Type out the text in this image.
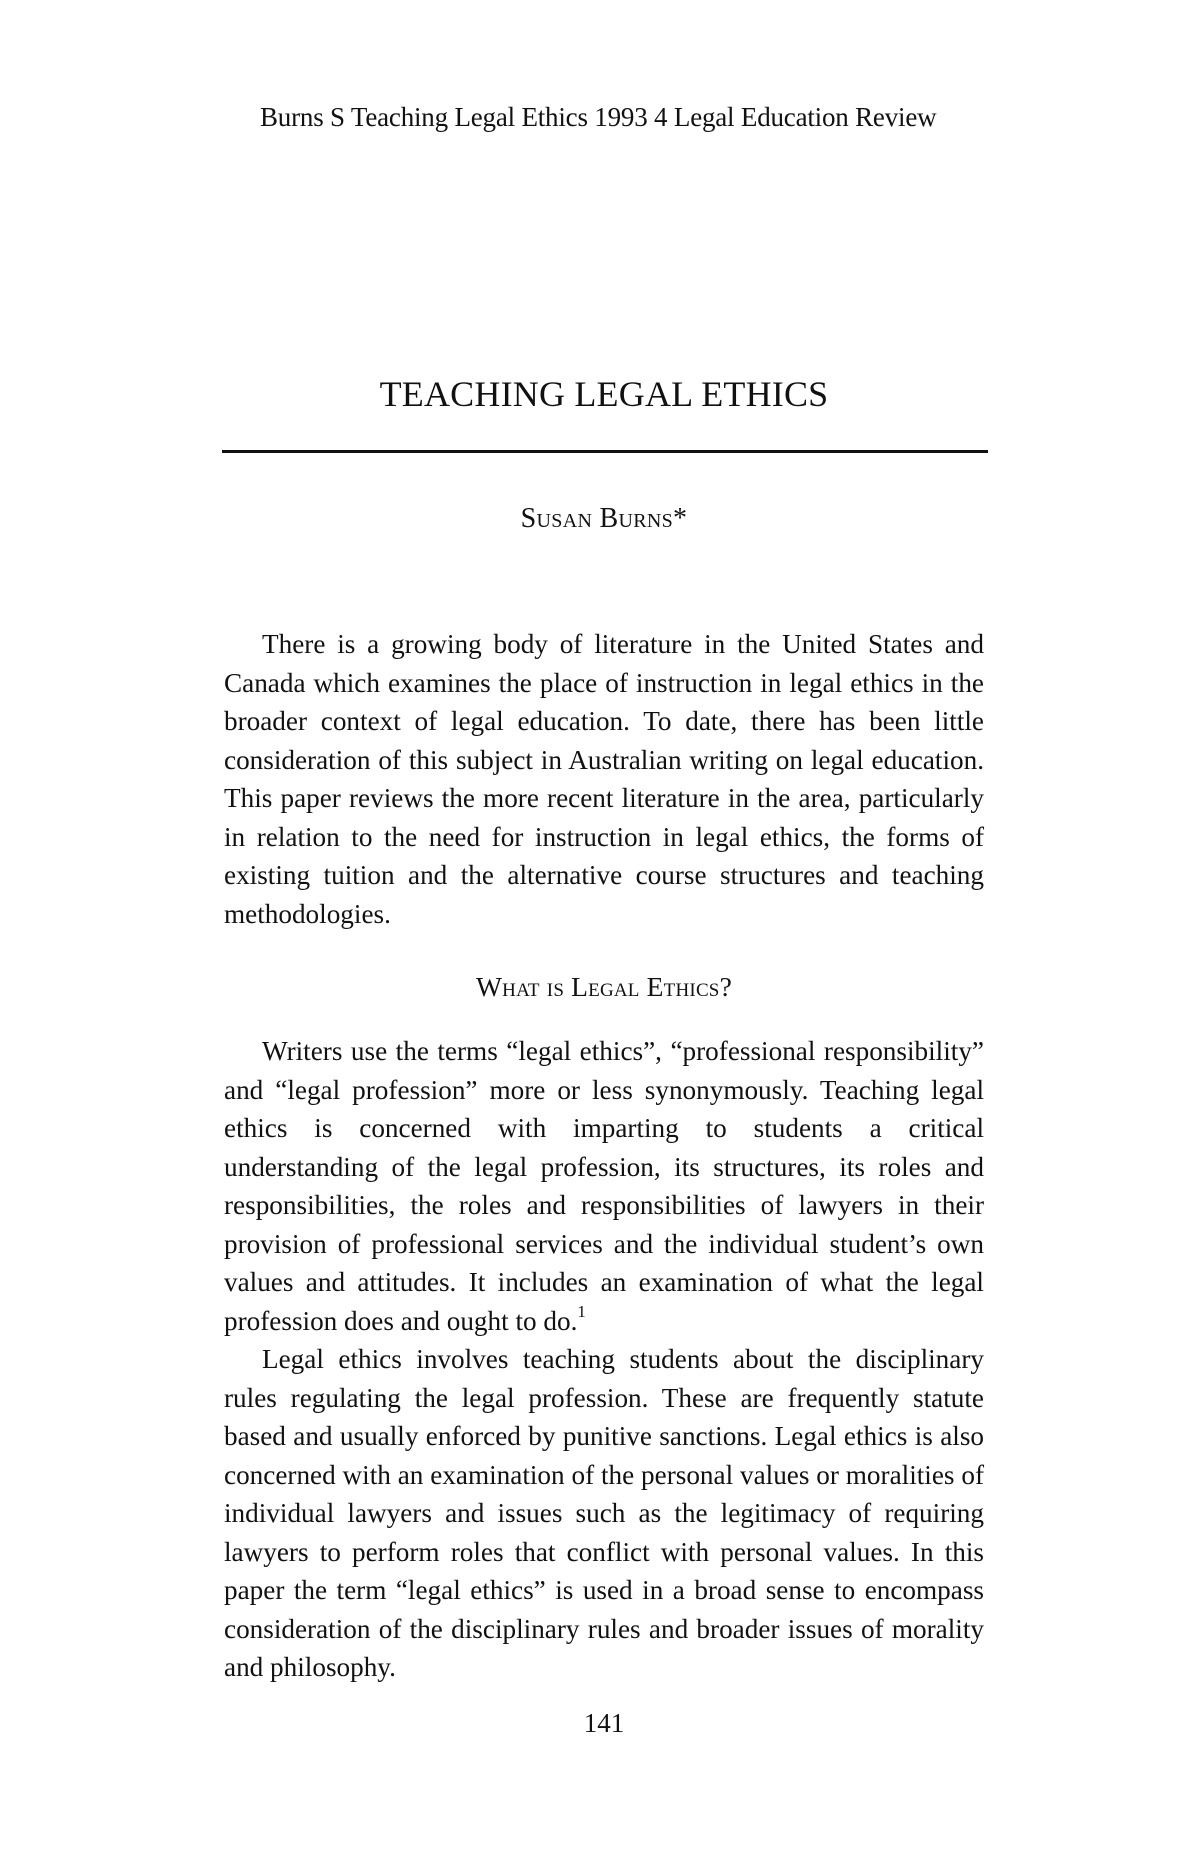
Burns S Teaching Legal Ethics 1993 4 Legal Education Review
TEACHING LEGAL ETHICS
Susan Burns*

There is a growing body of literature in the United States and Canada which examines the place of instruction in legal ethics in the broader context of legal education. To date, there has been little consideration of this subject in Australian writing on legal education. This paper reviews the more recent literature in the area, particularly in relation to the need for instruction in legal ethics, the forms of existing tuition and the alternative course structures and teaching methodologies.

What is Legal Ethics?

Writers use the terms “legal ethics”, “professional responsibility” and “legal profession” more or less synonymously. Teaching legal ethics is concerned with imparting to students a critical understanding of the legal profession, its structures, its roles and responsibilities, the roles and responsibilities of lawyers in their provision of professional services and the individual student’s own values and attitudes. It includes an examination of what the legal profession does and ought to do.$^1$

Legal ethics involves teaching students about the disciplinary rules regulating the legal profession. These are frequently statute based and usually enforced by punitive sanctions. Legal ethics is also concerned with an examination of the personal values or moralities of individual lawyers and issues such as the legitimacy of requiring lawyers to perform roles that conflict with personal values. In this paper the term “legal ethics” is used in a broad sense to encompass consideration of the disciplinary rules and broader issues of morality and philosophy.

141
